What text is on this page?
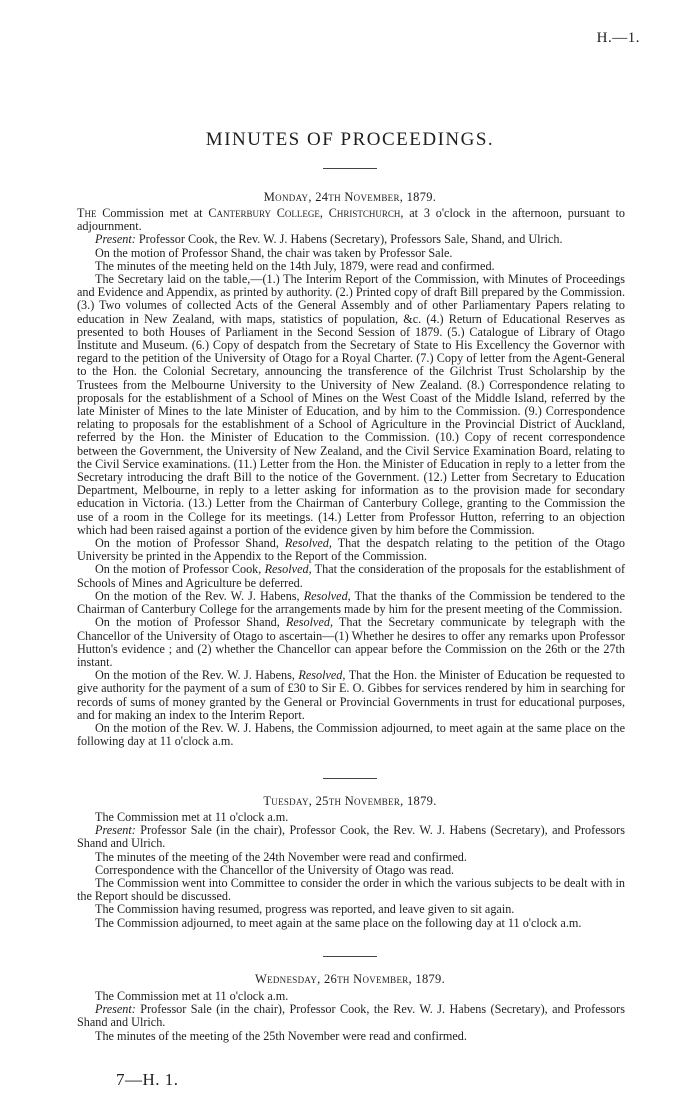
H.—1.
MINUTES OF PROCEEDINGS.
Monday, 24th November, 1879.

The Commission met at Canterbury College, Christchurch, at 3 o'clock in the afternoon, pursuant to adjournment.

Present: Professor Cook, the Rev. W. J. Habens (Secretary), Professors Sale, Shand, and Ulrich.

On the motion of Professor Shand, the chair was taken by Professor Sale.

The minutes of the meeting held on the 14th July, 1879, were read and confirmed.

The Secretary laid on the table,—(1.) The Interim Report of the Commission, with Minutes of Proceedings and Evidence and Appendix, as printed by authority. (2.) Printed copy of draft Bill prepared by the Commission. (3.) Two volumes of collected Acts of the General Assembly and of other Parliamentary Papers relating to education in New Zealand, with maps, statistics of population, &c. (4.) Return of Educational Reserves as presented to both Houses of Parliament in the Second Session of 1879. (5.) Catalogue of Library of Otago Institute and Museum. (6.) Copy of despatch from the Secretary of State to His Excellency the Governor with regard to the petition of the University of Otago for a Royal Charter. (7.) Copy of letter from the Agent-General to the Hon. the Colonial Secretary, announcing the transference of the Gilchrist Trust Scholarship by the Trustees from the Melbourne University to the University of New Zealand. (8.) Correspondence relating to proposals for the establishment of a School of Mines on the West Coast of the Middle Island, referred by the late Minister of Mines to the late Minister of Education, and by him to the Commission. (9.) Correspondence relating to proposals for the establishment of a School of Agriculture in the Provincial District of Auckland, referred by the Hon. the Minister of Education to the Commission. (10.) Copy of recent correspondence between the Government, the University of New Zealand, and the Civil Service Examination Board, relating to the Civil Service examinations. (11.) Letter from the Hon. the Minister of Education in reply to a letter from the Secretary introducing the draft Bill to the notice of the Government. (12.) Letter from Secretary to Education Department, Melbourne, in reply to a letter asking for information as to the provision made for secondary education in Victoria. (13.) Letter from the Chairman of Canterbury College, granting to the Commission the use of a room in the College for its meetings. (14.) Letter from Professor Hutton, referring to an objection which had been raised against a portion of the evidence given by him before the Commission.

On the motion of Professor Shand, Resolved, That the despatch relating to the petition of the Otago University be printed in the Appendix to the Report of the Commission.

On the motion of Professor Cook, Resolved, That the consideration of the proposals for the establishment of Schools of Mines and Agriculture be deferred.

On the motion of the Rev. W. J. Habens, Resolved, That the thanks of the Commission be tendered to the Chairman of Canterbury College for the arrangements made by him for the present meeting of the Commission.

On the motion of Professor Shand, Resolved, That the Secretary communicate by telegraph with the Chancellor of the University of Otago to ascertain—(1) Whether he desires to offer any remarks upon Professor Hutton's evidence ; and (2) whether the Chancellor can appear before the Commission on the 26th or the 27th instant.

On the motion of the Rev. W. J. Habens, Resolved, That the Hon. the Minister of Education be requested to give authority for the payment of a sum of £30 to Sir E. O. Gibbes for services rendered by him in searching for records of sums of money granted by the General or Provincial Governments in trust for educational purposes, and for making an index to the Interim Report.

On the motion of the Rev. W. J. Habens, the Commission adjourned, to meet again at the same place on the following day at 11 o'clock a.m.

Tuesday, 25th November, 1879.

The Commission met at 11 o'clock a.m.

Present: Professor Sale (in the chair), Professor Cook, the Rev. W. J. Habens (Secretary), and Professors Shand and Ulrich.

The minutes of the meeting of the 24th November were read and confirmed.

Correspondence with the Chancellor of the University of Otago was read.

The Commission went into Committee to consider the order in which the various subjects to be dealt with in the Report should be discussed.

The Commission having resumed, progress was reported, and leave given to sit again.

The Commission adjourned, to meet again at the same place on the following day at 11 o'clock a.m.

Wednesday, 26th November, 1879.

The Commission met at 11 o'clock a.m.

Present: Professor Sale (in the chair), Professor Cook, the Rev. W. J. Habens (Secretary), and Professors Shand and Ulrich.

The minutes of the meeting of the 25th November were read and confirmed.

7—H. 1.
